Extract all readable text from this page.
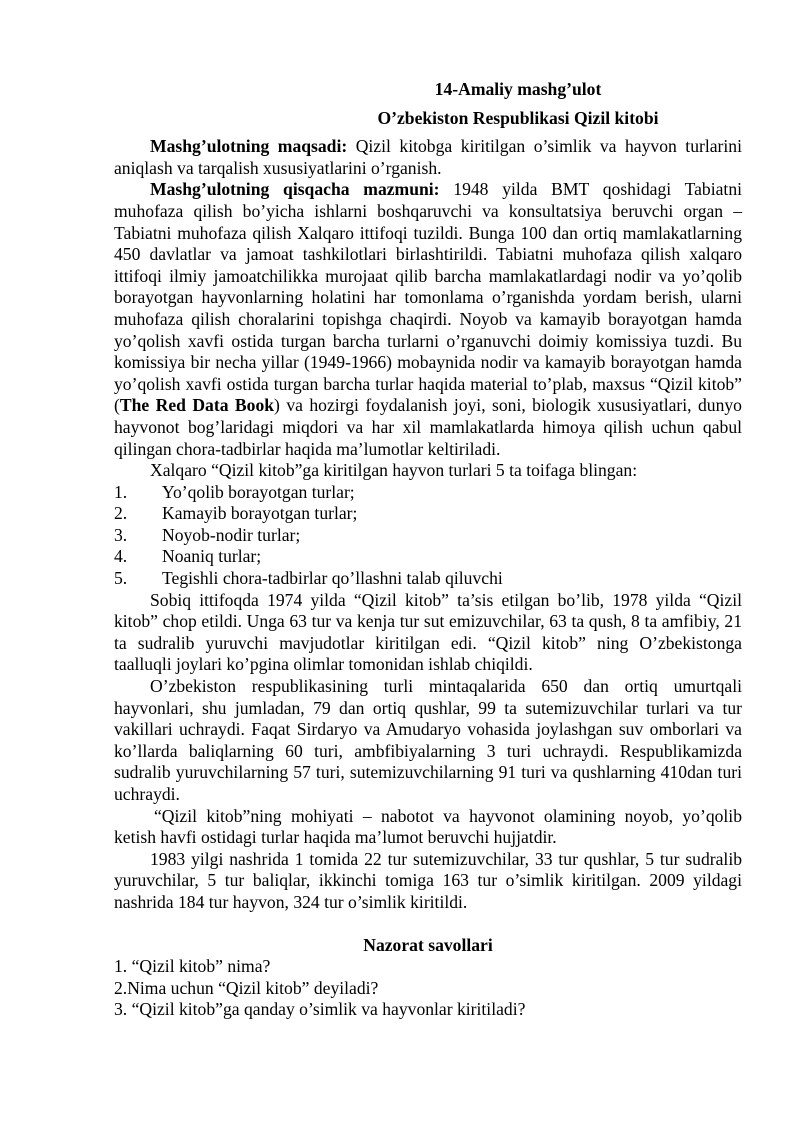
14-Amaliy mashg’ulot
O’zbekiston Respublikasi Qizil kitobi

Mashg’ulotning maqsadi: Qizil kitobga kiritilgan o’simlik va hayvon turlarini aniqlash va tarqalish xususiyatlarini o’rganish.

Mashg’ulotning qisqacha mazmuni: 1948 yilda BMT qoshidagi Tabiatni muhofaza qilish bo’yicha ishlarni boshqaruvchi va konsultatsiya beruvchi organ – Tabiatni muhofaza qilish Xalqaro ittifoqi tuzildi. Bunga 100 dan ortiq mamlakatlarning 450 davlatlar va jamoat tashkilotlari birlashtirildi. Tabiatni muhofaza qilish xalqaro ittifoqi ilmiy jamoatchilikka murojaat qilib barcha mamlakatlardagi nodir va yo’qolib borayotgan hayvonlarning holatini har tomonlama o’rganishda yordam berish, ularni muhofaza qilish choralarini topishga chaqirdi. Noyob va kamayib borayotgan hamda yo’qolish xavfi ostida turgan barcha turlarni o’rganuvchi doimiy komissiya tuzdi. Bu komissiya bir necha yillar (1949-1966) mobaynida nodir va kamayib borayotgan hamda yo’qolish xavfi ostida turgan barcha turlar haqida material to’plab, maxsus “Qizil kitob” (The Red Data Book) va hozirgi foydalanish joyi, soni, biologik xususiyatlari, dunyo hayvonot bog’laridagi miqdori va har xil mamlakatlarda himoya qilish uchun qabul qilingan chora-tadbirlar haqida ma’lumotlar keltiriladi.

Xalqaro “Qizil kitob”ga kiritilgan hayvon turlari 5 ta toifaga blingan:

1.	Yo’qolib borayotgan turlar;
2.	Kamayib borayotgan turlar;
3.	Noyob-nodir turlar;
4.	Noaniq turlar;
5.	Tegishli chora-tadbirlar qo’llashni talab qiluvchi

Sobiq ittifoqda 1974 yilda “Qizil kitob” ta’sis etilgan bo’lib, 1978 yilda “Qizil kitob” chop etildi. Unga 63 tur va kenja tur sut emizuvchilar, 63 ta qush, 8 ta amfibiy, 21 ta sudralib yuruvchi mavjudotlar kiritilgan edi. “Qizil kitob” ning O’zbekistonga taalluqli joylari ko’pgina olimlar tomonidan ishlab chiqildi.

O’zbekiston respublikasining turli mintaqalarida 650 dan ortiq umurtqali hayvonlari, shu jumladan, 79 dan ortiq qushlar, 99 ta sutemizuvchilar turlari va tur vakillari uchraydi. Faqat Sirdaryo va Amudaryo vohasida joylashgan suv omborlari va ko’llarda baliqlarning 60 turi, ambfibiyalarning 3 turi uchraydi. Respublikamizda sudralib yuruvchilarning 57 turi, sutemizuvchilarning 91 turi va qushlarning 410dan turi uchraydi.

“Qizil kitob”ning mohiyati – nabotot va hayvonot olamining noyob, yo’qolib ketish havfi ostidagi turlar haqida ma’lumot beruvchi hujjatdir.

1983 yilgi nashrida 1 tomida 22 tur sutemizuvchilar, 33 tur qushlar, 5 tur sudralib yuruvchilar, 5 tur baliqlar, ikkinchi tomiga 163 tur o’simlik kiritilgan. 2009 yildagi nashrida 184 tur hayvon, 324 tur o’simlik kiritildi.

Nazorat savollari

1. “Qizil kitob” nima?

2.Nima uchun “Qizil kitob” deyiladi?

3. “Qizil kitob”ga qanday o’simlik va hayvonlar kiritiladi?
